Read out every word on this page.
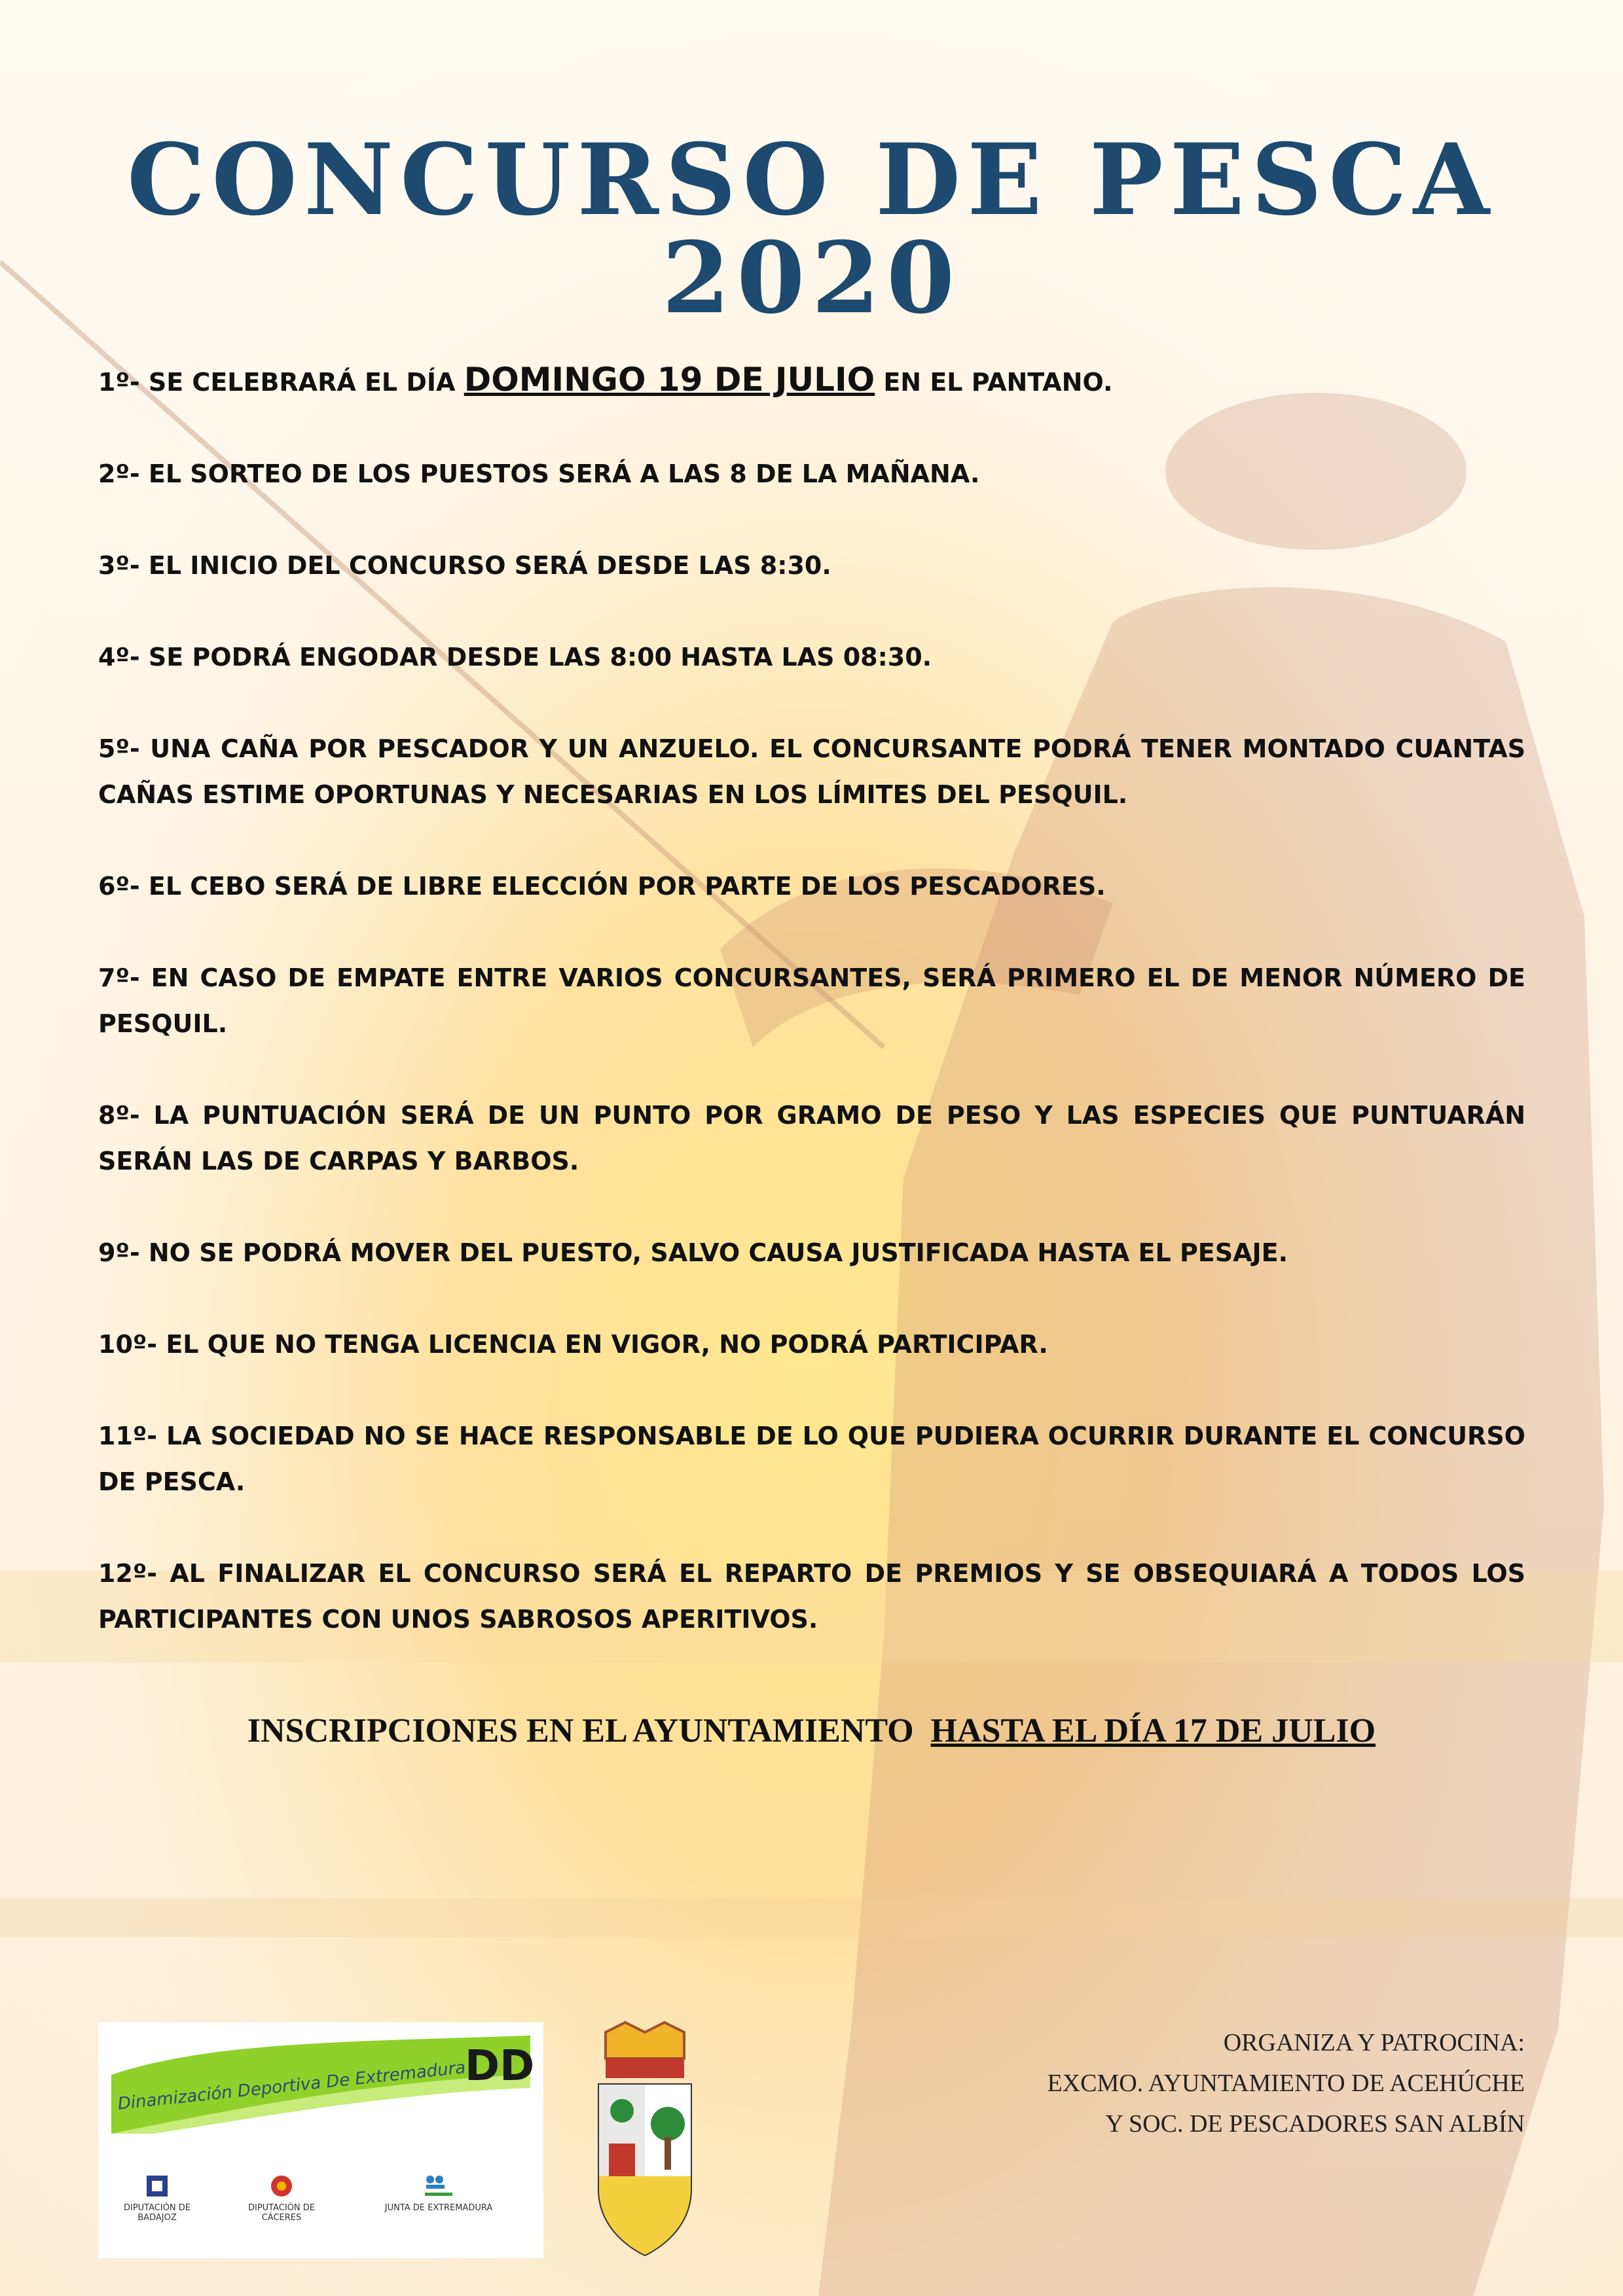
CONCURSO DE PESCA 2020

1º- SE CELEBRARÁ EL DÍA DOMINGO 19 DE JULIO EN EL PANTANO.

2º- EL SORTEO DE LOS PUESTOS SERÁ A LAS 8 DE LA MAÑANA.

3º- EL INICIO DEL CONCURSO SERÁ DESDE LAS 8:30.

4º- SE PODRÁ ENGODAR DESDE LAS 8:00 HASTA LAS 08:30.

5º- UNA CAÑA POR PESCADOR Y UN ANZUELO. EL CONCURSANTE PODRÁ TENER MONTADO CUANTAS CAÑAS ESTIME OPORTUNAS Y NECESARIAS EN LOS LÍMITES DEL PESQUIL.

6º- EL CEBO SERÁ DE LIBRE ELECCIÓN POR PARTE DE LOS PESCADORES.

7º- EN CASO DE EMPATE ENTRE VARIOS CONCURSANTES, SERÁ PRIMERO EL DE MENOR NÚMERO DE PESQUIL.

8º- LA PUNTUACIÓN SERÁ DE UN PUNTO POR GRAMO DE PESO Y LAS ESPECIES QUE PUNTUARÁN SERÁN LAS DE CARPAS Y BARBOS.

9º- NO SE PODRÁ MOVER DEL PUESTO, SALVO CAUSA JUSTIFICADA HASTA EL PESAJE.

10º- EL QUE NO TENGA LICENCIA EN VIGOR, NO PODRÁ PARTICIPAR.

11º- LA SOCIEDAD NO SE HACE RESPONSABLE DE LO QUE PUDIERA OCURRIR DURANTE EL CONCURSO DE PESCA.

12º- AL FINALIZAR EL CONCURSO SERÁ EL REPARTO DE PREMIOS Y SE OBSEQUIARÁ A TODOS LOS PARTICIPANTES CON UNOS SABROSOS APERITIVOS.

INSCRIPCIONES EN EL AYUNTAMIENTO HASTA EL DÍA 17 DE JULIO
Dinamización Deportiva De Extremadura
DD
DIPUTACIÓN DE BADAJOZ
DIPUTACIÓN DE CÁCERES
JUNTA DE EXTREMADURA
ORGANIZA Y PATROCINA:
EXCMO. AYUNTAMIENTO DE ACEHÚCHE
Y SOC. DE PESCADORES SAN ALBÍN
